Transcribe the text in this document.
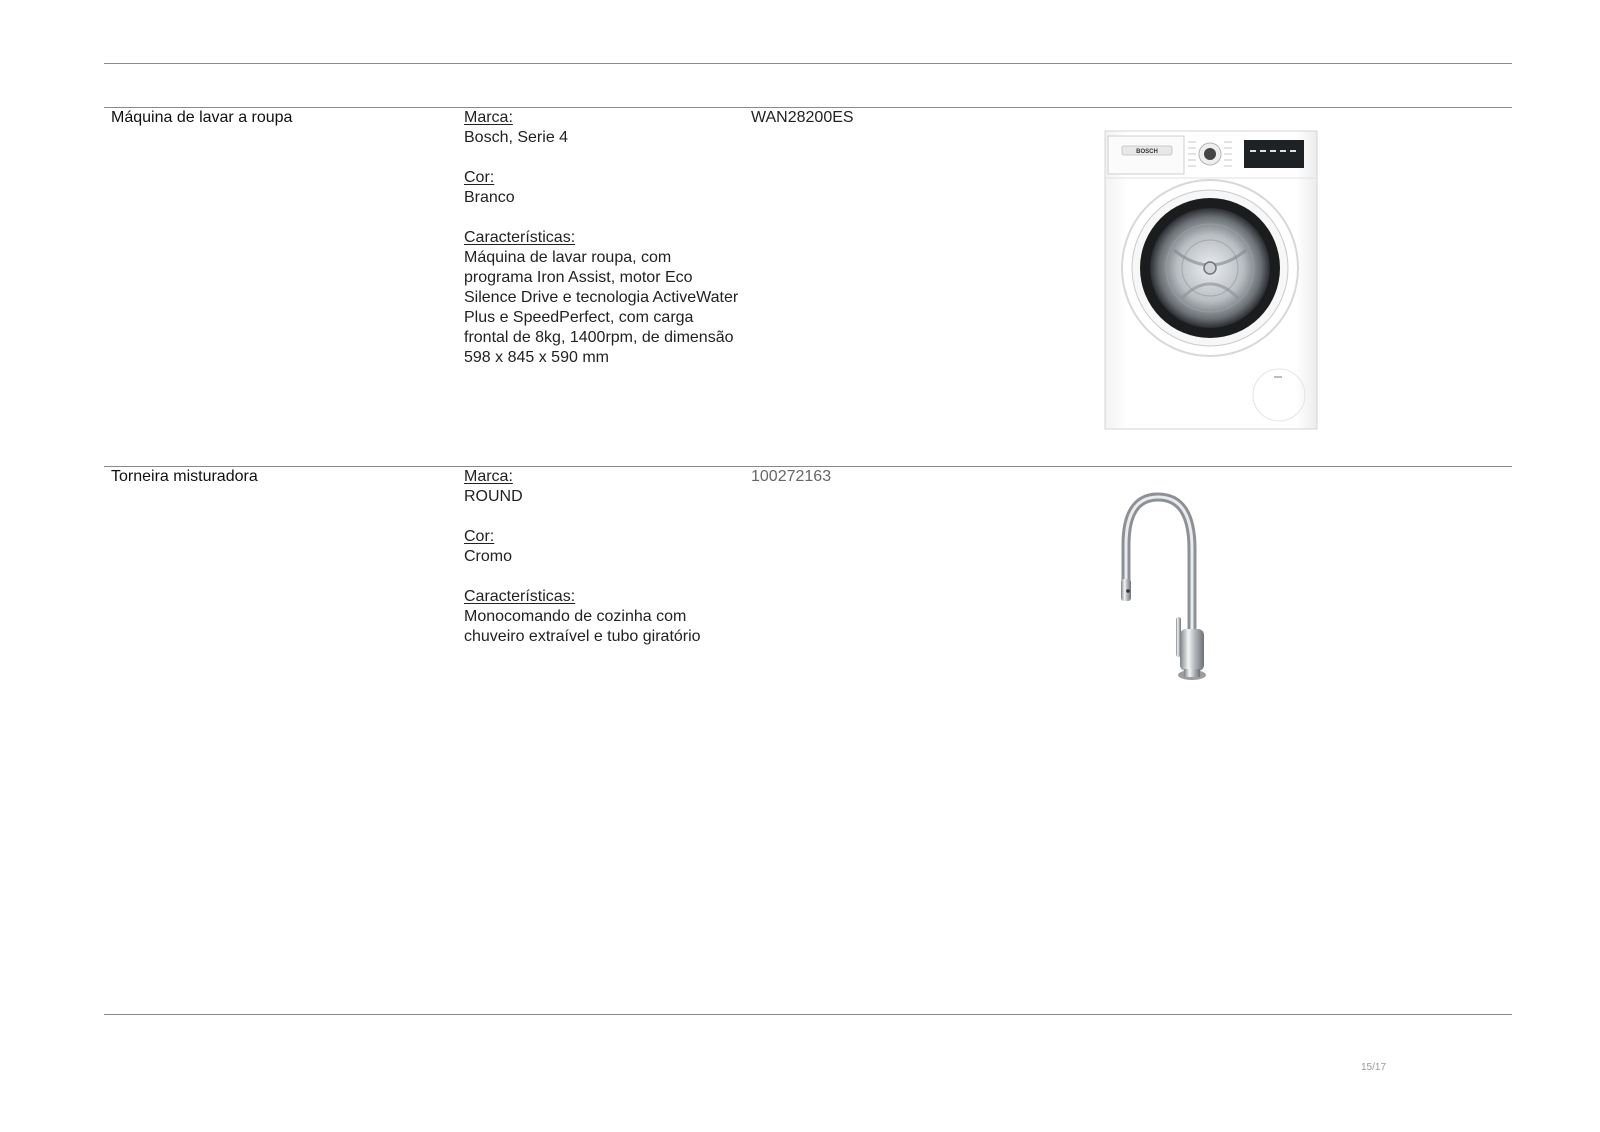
Máquina de lavar a roupa	Marca:
Bosch, Serie 4
Cor:
Branco
Características:
Máquina de lavar roupa, com programa Iron Assist, motor Eco Silence Drive e tecnologia ActiveWater Plus e SpeedPerfect, com carga frontal de 8kg, 1400rpm, de dimensão 598 x 845 x 590 mm
WAN28200ES
BOSCH
Torneira misturadora	Marca:
ROUND
Cor:
Cromo
Características:
Monocomando de cozinha com chuveiro extraível e tubo giratório
100272163
15/17
